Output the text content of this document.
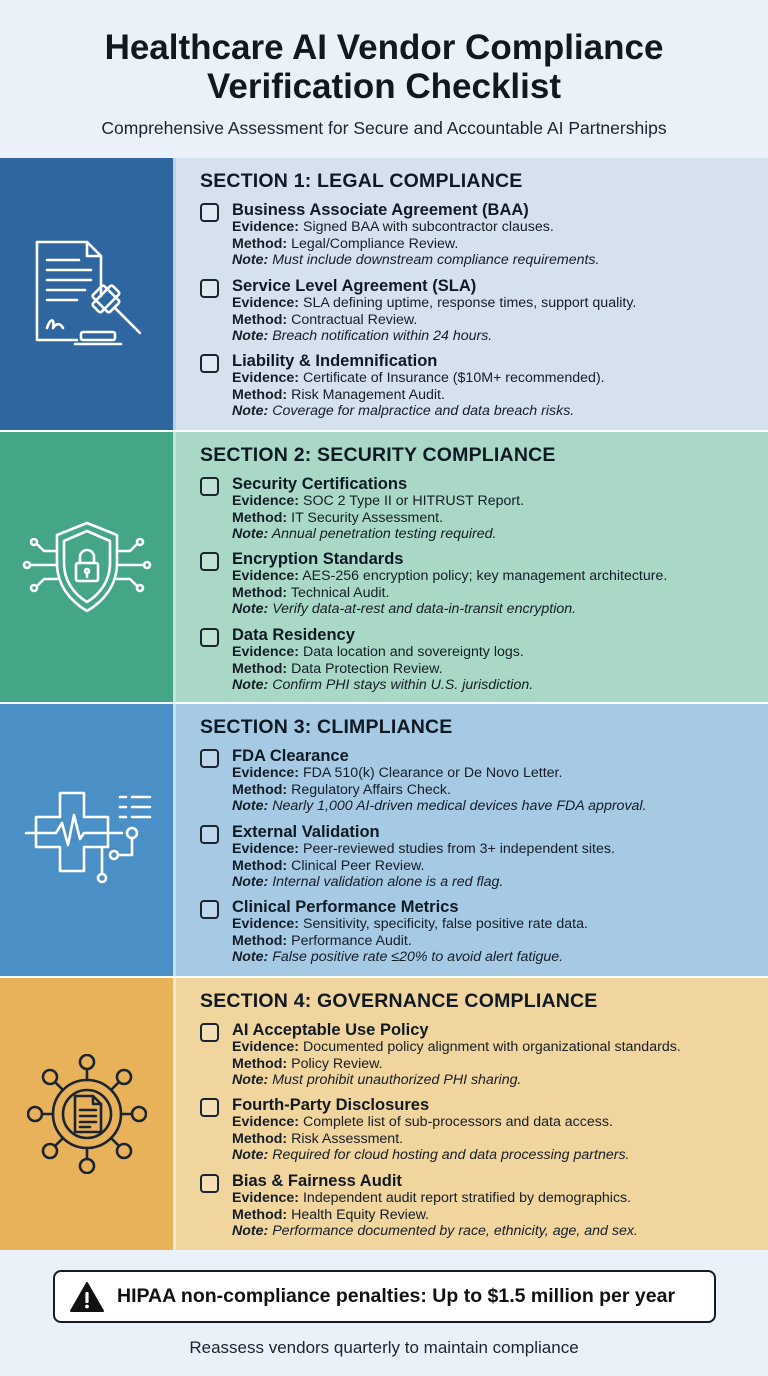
Healthcare AI Vendor Compliance
Verification Checklist
Comprehensive Assessment for Secure and Accountable AI Partnerships
SECTION 1: LEGAL COMPLIANCE
Business Associate Agreement (BAA)
Evidence: Signed BAA with subcontractor clauses.
Method: Legal/Compliance Review.
Note: Must include downstream compliance requirements.
Service Level Agreement (SLA)
Evidence: SLA defining uptime, response times, support quality.
Method: Contractual Review.
Note: Breach notification within 24 hours.
Liability & Indemnification
Evidence: Certificate of Insurance ($10M+ recommended).
Method: Risk Management Audit.
Note: Coverage for malpractice and data breach risks.
SECTION 2: SECURITY COMPLIANCE
Security Certifications
Evidence: SOC 2 Type II or HITRUST Report.
Method: IT Security Assessment.
Note: Annual penetration testing required.
Encryption Standards
Evidence: AES-256 encryption policy; key management architecture.
Method: Technical Audit.
Note: Verify data-at-rest and data-in-transit encryption.
Data Residency
Evidence: Data location and sovereignty logs.
Method: Data Protection Review.
Note: Confirm PHI stays within U.S. jurisdiction.
SECTION 3: CLIMPLIANCE
FDA Clearance
Evidence: FDA 510(k) Clearance or De Novo Letter.
Method: Regulatory Affairs Check.
Note: Nearly 1,000 AI-driven medical devices have FDA approval.
External Validation
Evidence: Peer-reviewed studies from 3+ independent sites.
Method: Clinical Peer Review.
Note: Internal validation alone is a red flag.
Clinical Performance Metrics
Evidence: Sensitivity, specificity, false positive rate data.
Method: Performance Audit.
Note: False positive rate ≤20% to avoid alert fatigue.
SECTION 4: GOVERNANCE COMPLIANCE
AI Acceptable Use Policy
Evidence: Documented policy alignment with organizational standards.
Method: Policy Review.
Note: Must prohibit unauthorized PHI sharing.
Fourth-Party Disclosures
Evidence: Complete list of sub-processors and data access.
Method: Risk Assessment.
Note: Required for cloud hosting and data processing partners.
Bias & Fairness Audit
Evidence: Independent audit report stratified by demographics.
Method: Health Equity Review.
Note: Performance documented by race, ethnicity, age, and sex.
HIPAA non-compliance penalties: Up to $1.5 million per year
Reassess vendors quarterly to maintain compliance
